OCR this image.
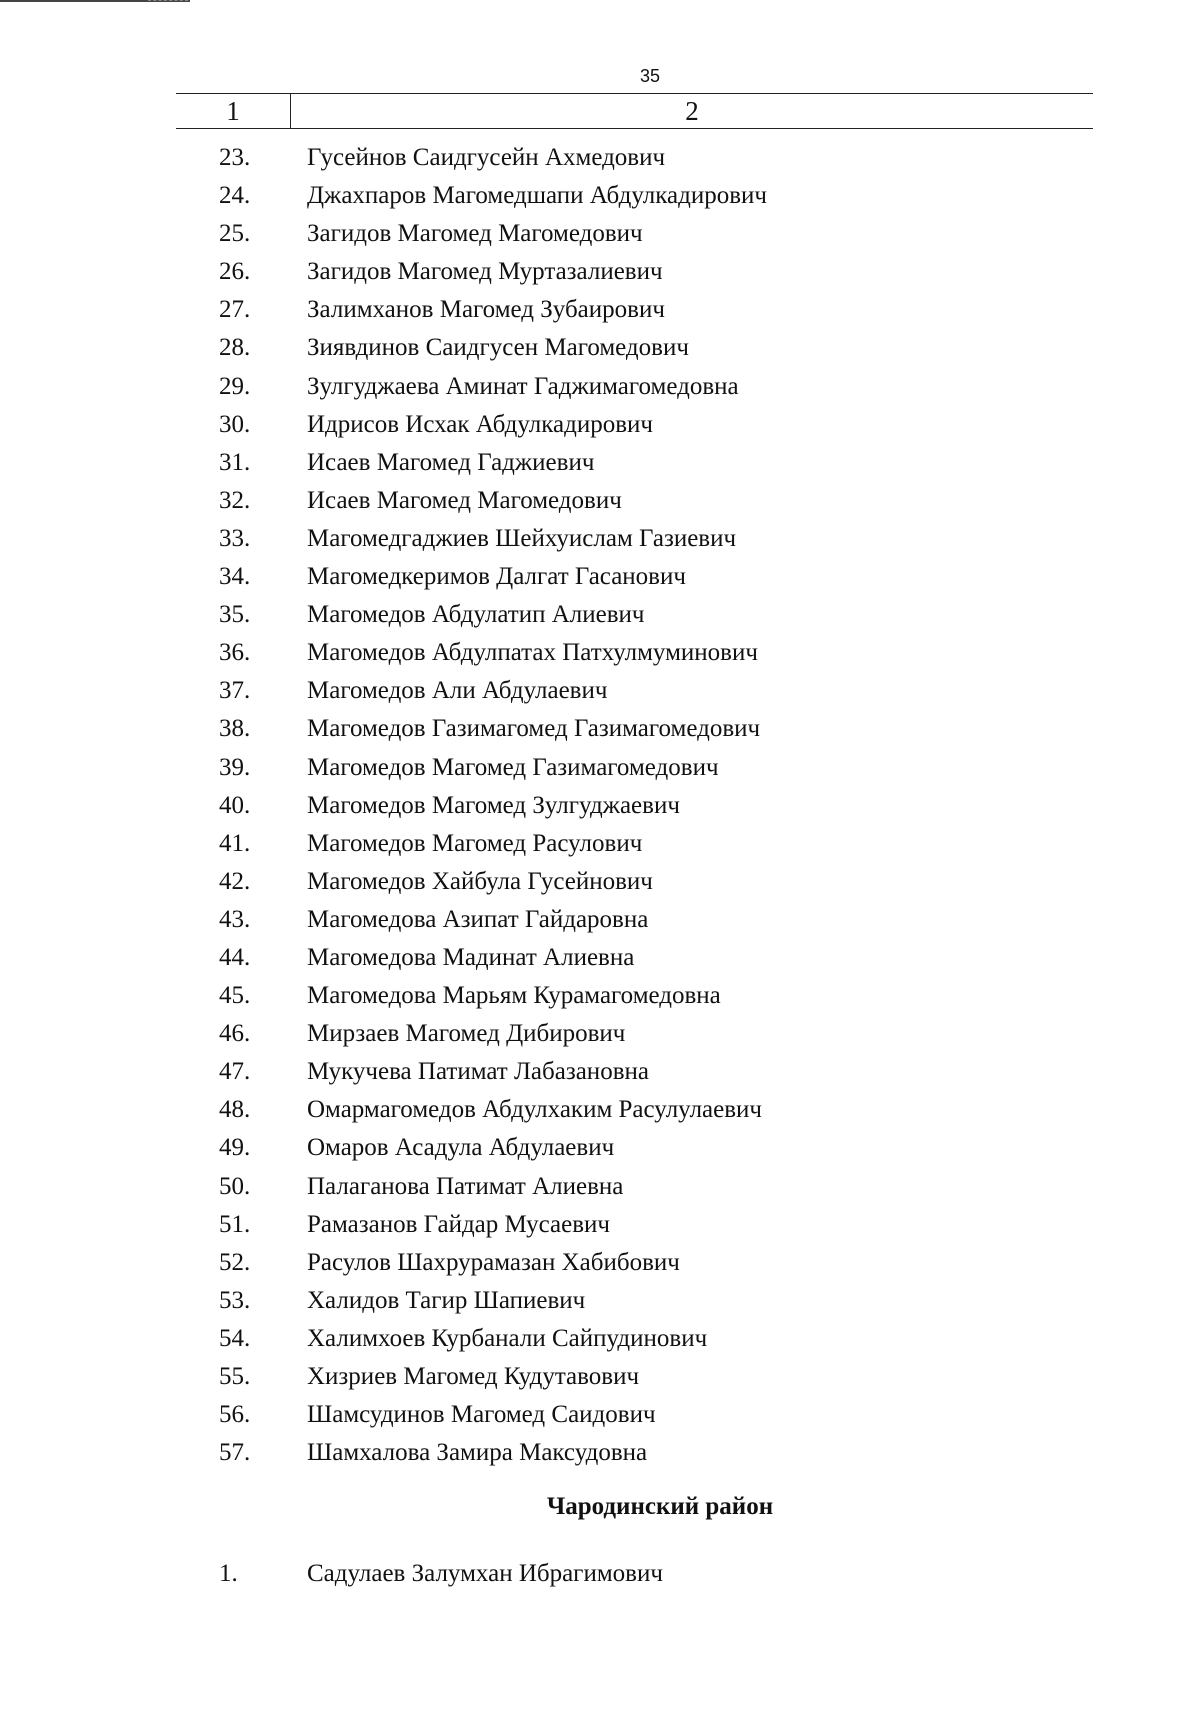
35
1	2
23.	Гусейнов Саидгусейн Ахмедович
24.	Джахпаров Магомедшапи Абдулкадирович
25.	Загидов Магомед Магомедович
26.	Загидов Магомед Муртазалиевич
27.	Залимханов Магомед Зубаирович
28.	Зиявдинов Саидгусен Магомедович
29.	Зулгуджаева Аминат Гаджимагомедовна
30.	Идрисов Исхак Абдулкадирович
31.	Исаев Магомед Гаджиевич
32.	Исаев Магомед Магомедович
33.	Магомедгаджиев Шейхуислам Газиевич
34.	Магомедкеримов Далгат Гасанович
35.	Магомедов Абдулатип Алиевич
36.	Магомедов Абдулпатах Патхулмуминович
37.	Магомедов Али Абдулаевич
38.	Магомедов Газимагомед Газимагомедович
39.	Магомедов Магомед Газимагомедович
40.	Магомедов Магомед Зулгуджаевич
41.	Магомедов Магомед Расулович
42.	Магомедов Хайбула Гусейнович
43.	Магомедова Азипат Гайдаровна
44.	Магомедова Мадинат Алиевна
45.	Магомедова Марьям Курамагомедовна
46.	Мирзаев Магомед Дибирович
47.	Мукучева Патимат Лабазановна
48.	Омармагомедов Абдулхаким Расулулаевич
49.	Омаров Асадула Абдулаевич
50.	Палаганова Патимат Алиевна
51.	Рамазанов Гайдар Мусаевич
52.	Расулов Шахрурамазан Хабибович
53.	Халидов Тагир Шапиевич
54.	Халимхоев Курбанали Сайпудинович
55.	Хизриев Магомед Кудутавович
56.	Шамсудинов Магомед Саидович
57.	Шамхалова Замира Максудовна
Чародинский район
1.	Садулаев Залумхан Ибрагимович
